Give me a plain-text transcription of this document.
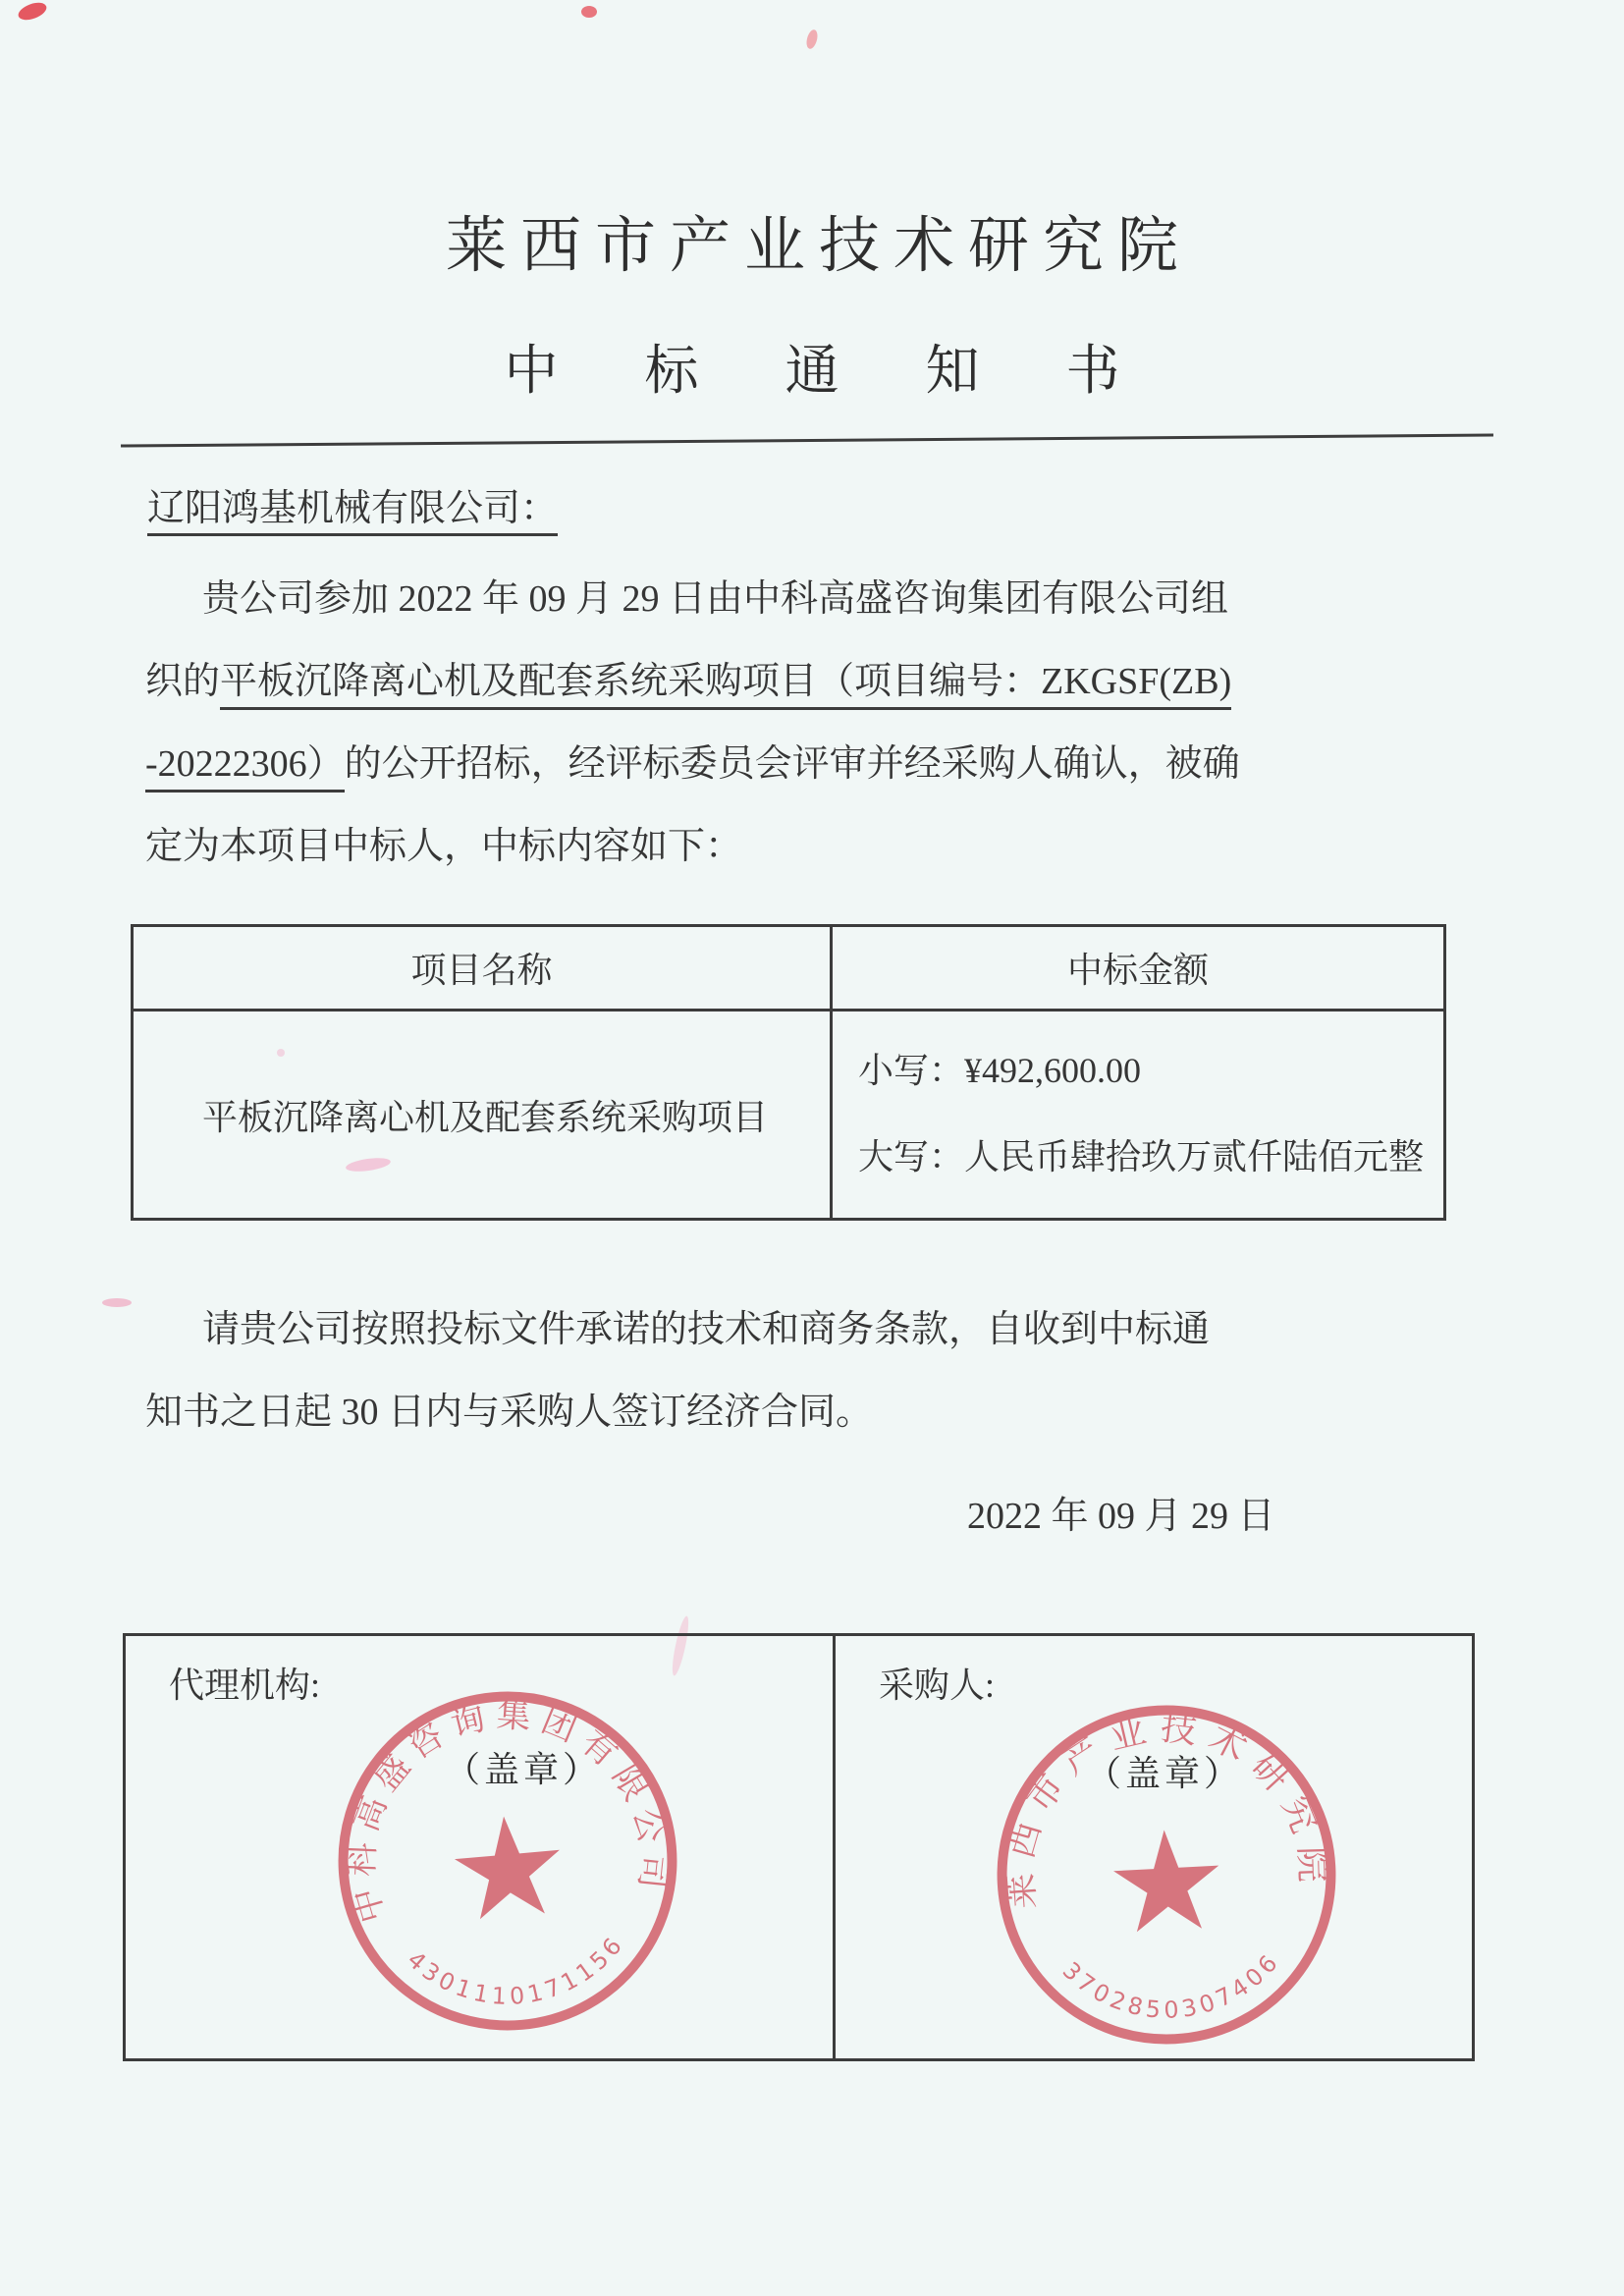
莱西市产业技术研究院
中标通知书
辽阳鸿基机械有限公司：
贵公司参加 2022 年 09 月 29 日由中科高盛咨询集团有限公司组
织的平板沉降离心机及配套系统采购项目（项目编号：ZKGSF(ZB)
-20222306）的公开招标，经评标委员会评审并经采购人确认，被确
定为本项目中标人，中标内容如下：
项目名称	中标金额
平板沉降离心机及配套系统采购项目
小写：¥492,600.00
大写：人民币肆拾玖万贰仟陆佰元整
请贵公司按照投标文件承诺的技术和商务条款，自收到中标通
知书之日起 30 日内与采购人签订经济合同。
2022 年 09 月 29 日
代理机构:
（盖章）
中科高盛咨询集团有限公司
4301110171156
采购人:
（盖章）
莱西市产业技术研究院
3702850307406
